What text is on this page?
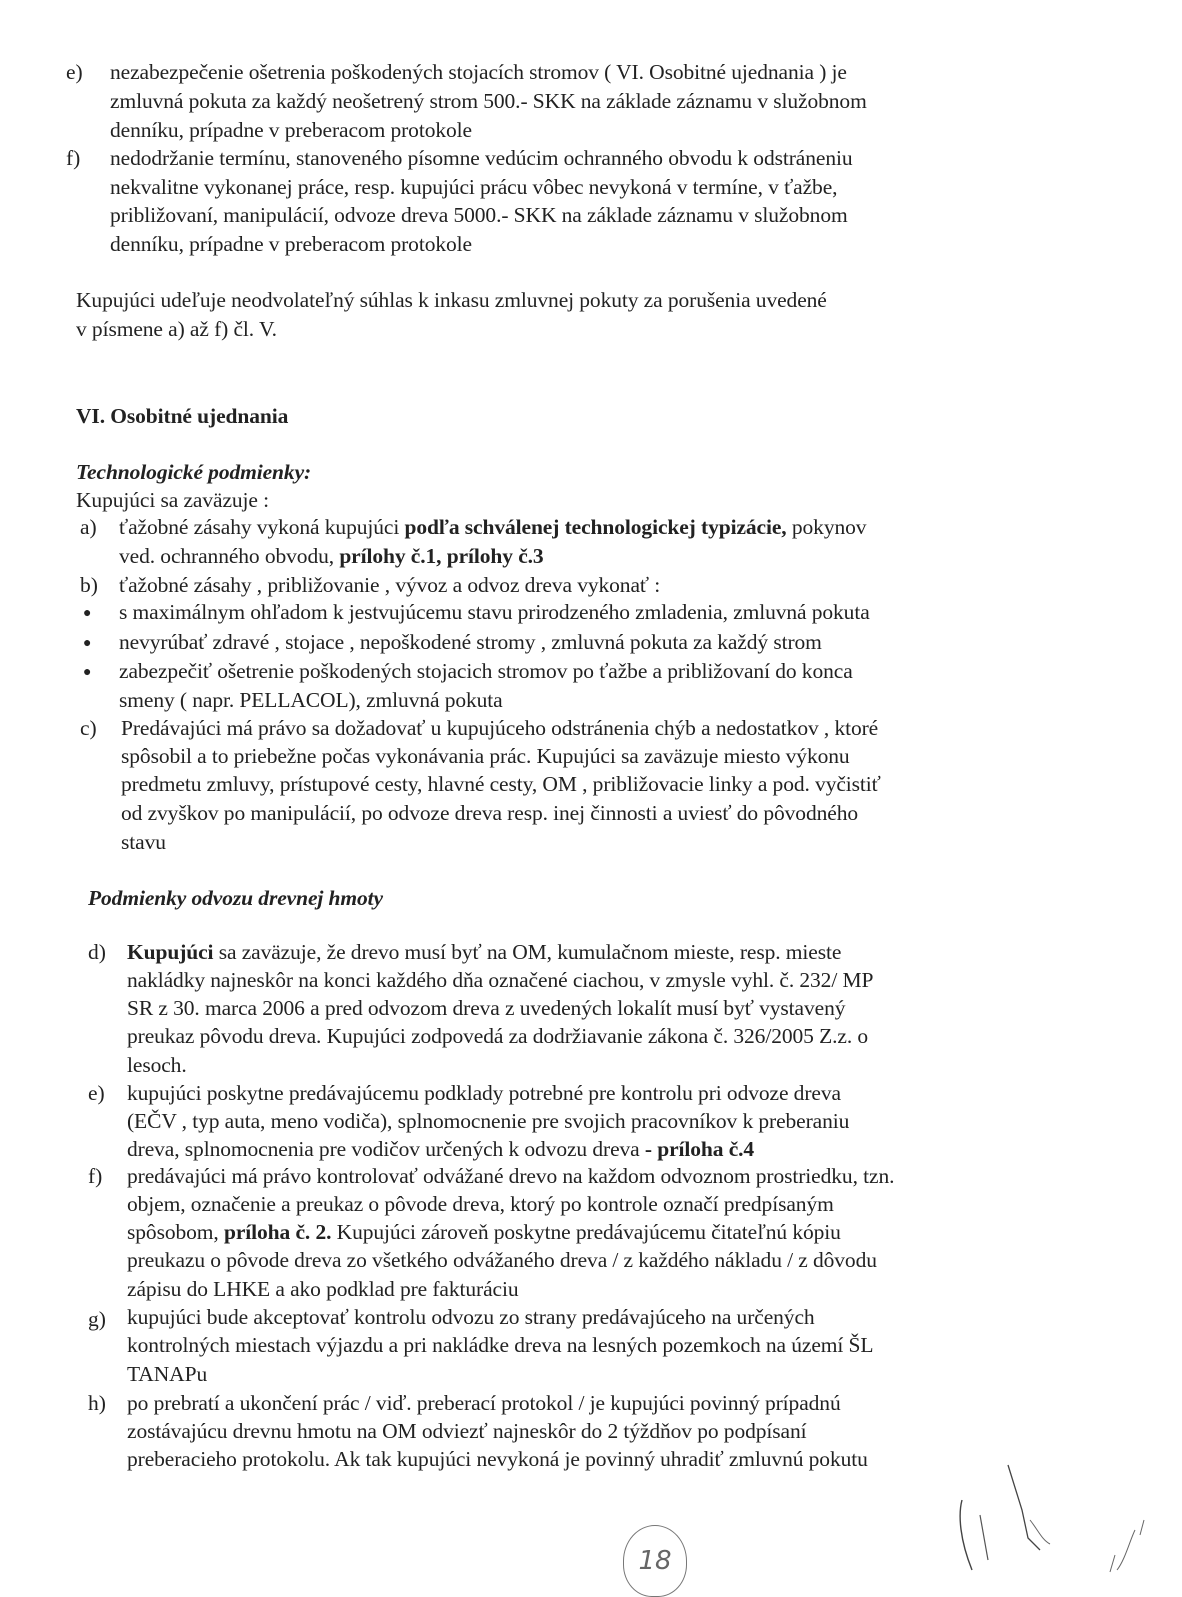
e) nezabezpečenie ošetrenia poškodených stojacích stromov ( VI. Osobitné ujednania ) je
zmluvná pokuta za každý neošetrený strom 500.- SKK na základe záznamu v služobnom
denníku, prípadne v preberacom protokole
f) nedodržanie termínu, stanoveného písomne vedúcim ochranného obvodu k odstráneniu
nekvalitne vykonanej práce, resp. kupujúci prácu vôbec nevykoná v termíne, v ťažbe,
približovaní, manipulácií, odvoze dreva 5000.- SKK na základe záznamu v služobnom
denníku, prípadne v preberacom protokole
Kupujúci udeľuje neodvolateľný súhlas k inkasu zmluvnej pokuty za porušenia uvedené
v písmene a) až f) čl. V.
VI. Osobitné ujednania
Technologické podmienky:
Kupujúci sa zaväzuje :
a) ťažobné zásahy vykoná kupujúci podľa schválenej technologickej typizácie, pokynov
ved. ochranného obvodu, prílohy č.1, prílohy č.3
b) ťažobné zásahy , približovanie , vývoz a odvoz dreva vykonať :
● s maximálnym ohľadom k jestvujúcemu stavu prirodzeného zmladenia, zmluvná pokuta
● nevyrúbať zdravé , stojace , nepoškodené stromy , zmluvná pokuta za každý strom
● zabezpečiť ošetrenie poškodených stojacich stromov po ťažbe a približovaní do konca
smeny ( napr. PELLACOL), zmluvná pokuta
c) Predávajúci má právo sa dožadovať u kupujúceho odstránenia chýb a nedostatkov , ktoré
spôsobil a to priebežne počas vykonávania prác. Kupujúci sa zaväzuje miesto výkonu
predmetu zmluvy, prístupové cesty, hlavné cesty, OM , približovacie linky a pod. vyčistiť
od zvyškov po manipulácií, po odvoze dreva resp. inej činnosti a uviesť do pôvodného
stavu
Podmienky odvozu drevnej hmoty
d) Kupujúci sa zaväzuje, že drevo musí byť na OM, kumulačnom mieste, resp. mieste
nakládky najneskôr na konci každého dňa označené ciachou, v zmysle vyhl. č. 232/ MP
SR z 30. marca 2006 a pred odvozom dreva z uvedených lokalít musí byť vystavený
preukaz pôvodu dreva. Kupujúci zodpovedá za dodržiavanie zákona č. 326/2005 Z.z. o
lesoch.
e) kupujúci poskytne predávajúcemu podklady potrebné pre kontrolu pri odvoze dreva
(EČV , typ auta, meno vodiča), splnomocnenie pre svojich pracovníkov k preberaniu
dreva, splnomocnenia pre vodičov určených k odvozu dreva - príloha č.4
f) predávajúci má právo kontrolovať odvážané drevo na každom odvoznom prostriedku, tzn.
objem, označenie a preukaz o pôvode dreva, ktorý po kontrole označí predpísaným
spôsobom, príloha č. 2. Kupujúci zároveň poskytne predávajúcemu čitateľnú kópiu
preukazu o pôvode dreva zo všetkého odvážaného dreva / z každého nákladu / z dôvodu
zápisu do LHKE a ako podklad pre fakturáciu
g) kupujúci bude akceptovať kontrolu odvozu zo strany predávajúceho na určených
kontrolných miestach výjazdu a pri nakládke dreva na lesných pozemkoch na území ŠL
TANAPu
h) po prebratí a ukončení prác / viď. preberací protokol / je kupujúci povinný prípadnú
zostávajúcu drevnu hmotu na OM odviezť najneskôr do 2 týždňov po podpísaní
preberacieho protokolu. Ak tak kupujúci nevykoná je povinný uhradiť zmluvnú pokutu
18
